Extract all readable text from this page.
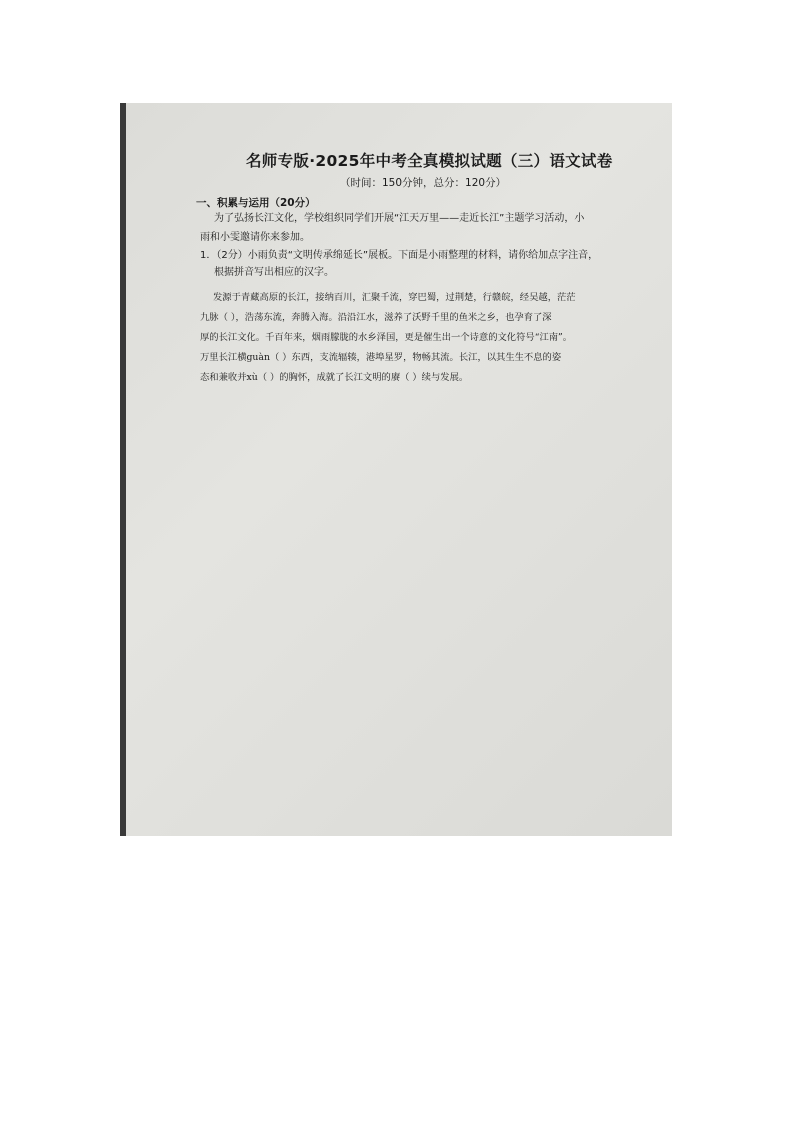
名师专版·2025年中考全真模拟试题（三）语文试卷
（时间：150分钟，总分：120分）
一、积累与运用（20分）
为了弘扬长江文化，学校组织同学们开展“江天万里——走近长江”主题学习活动，小
雨和小雯邀请你来参加。
1．（2分）小雨负责“文明传承绵延长”展板。下面是小雨整理的材料，请你给加点字注音，
根据拼音写出相应的汉字。
发源于青藏高原的长江，接纳百川，汇聚千流，穿巴蜀，过荆楚，行赣皖，经吴越，茫茫
九脉（ ），浩荡东流，奔腾入海。沿沿江水，滋养了沃野千里的鱼米之乡，也孕育了深
厚的长江文化。千百年来，烟雨朦胧的水乡泽国，更是催生出一个诗意的文化符号“江南”。
万里长江横guàn（ ）东西，支流辐辏，港埠星罗，物畅其流。长江，以其生生不息的姿
态和兼收并xù（ ）的胸怀，成就了长江文明的赓（ ）续与发展。
